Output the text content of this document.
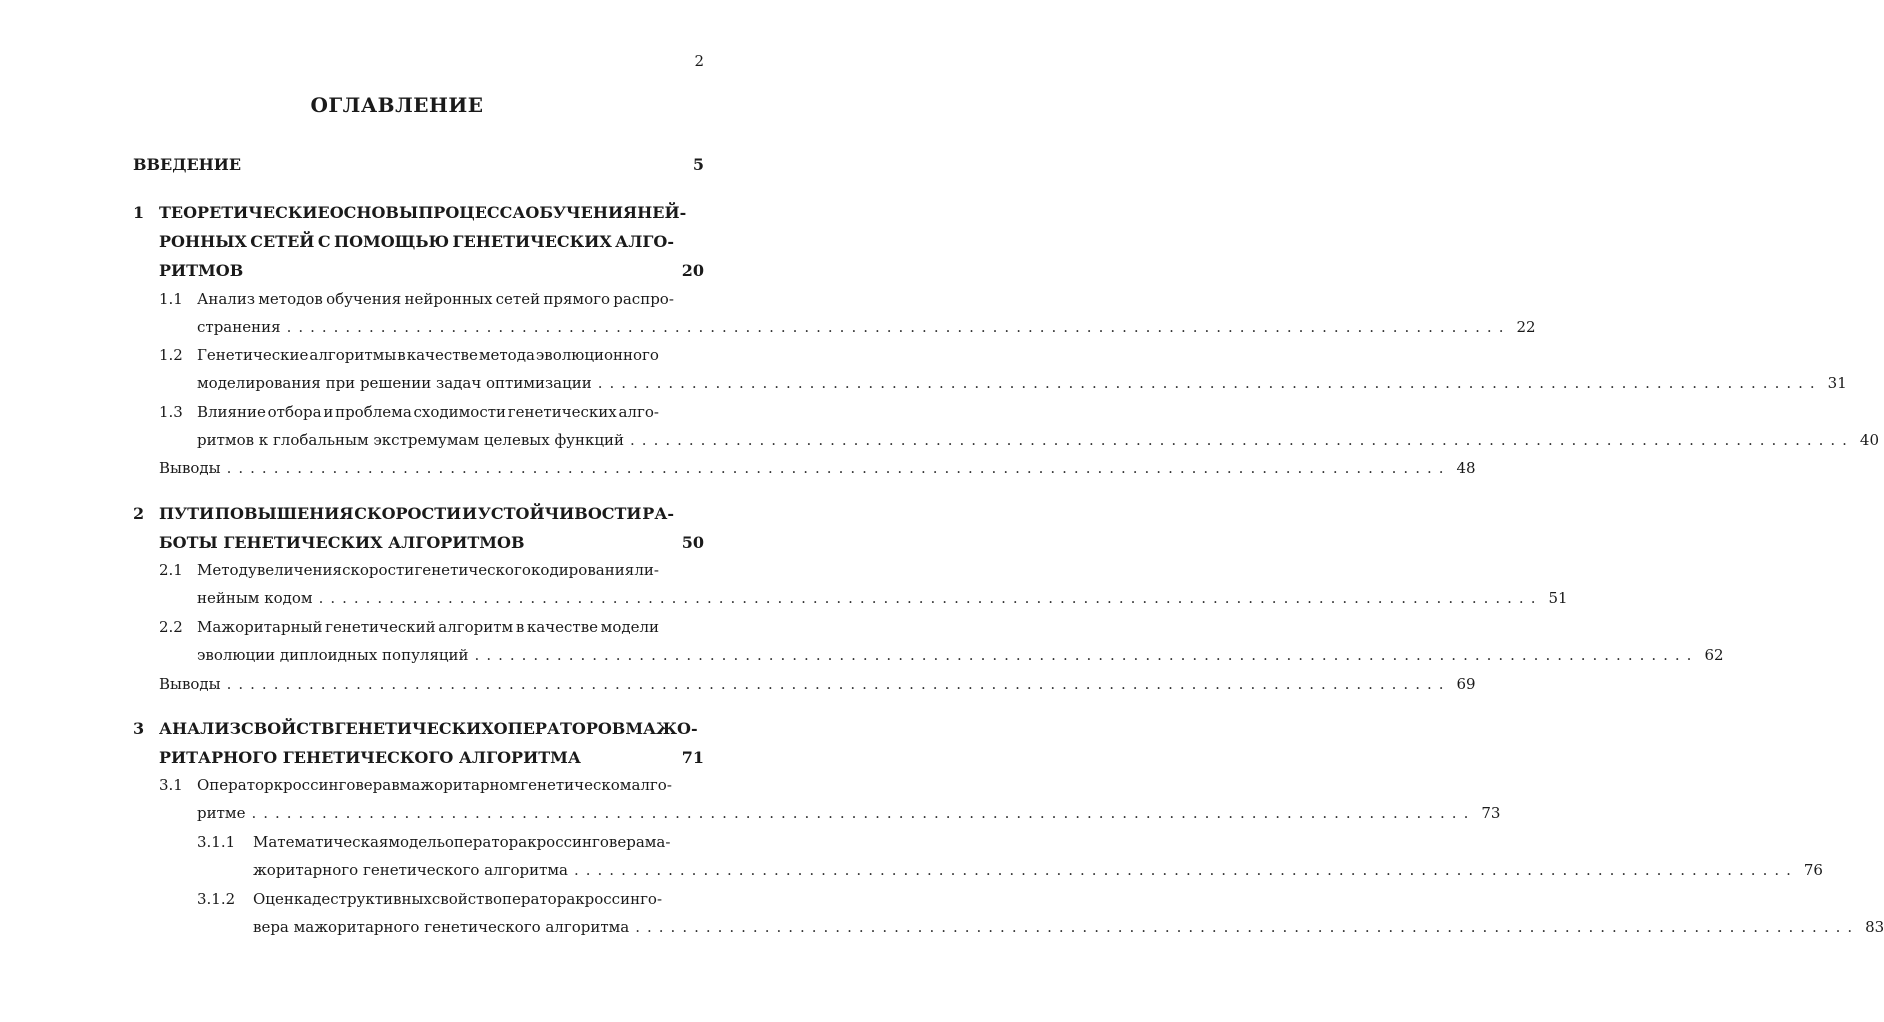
2
ОГЛАВЛЕНИЕ
ВВЕДЕНИЕ	5
1 ТЕОРЕТИЧЕСКИЕ ОСНОВЫ ПРОЦЕССА ОБУЧЕНИЯ НЕЙ-
РОННЫХ СЕТЕЙ С ПОМОЩЬЮ ГЕНЕТИЧЕСКИХ АЛГО-
РИТМОВ	20
1.1 Анализ методов обучения нейронных сетей прямого распро-
странения ........................................................................................................ 22
1.2 Генетические алгоритмы в качестве метода эволюционного
моделирования при решении задач оптимизации ........................................................................................................ 31
1.3 Влияние отбора и проблема сходимости генетических алго-
ритмов к глобальным экстремумам целевых функций ........................................................................................................ 40
Выводы ........................................................................................................ 48
2 ПУТИ ПОВЫШЕНИЯ СКОРОСТИ И УСТОЙЧИВОСТИ РА-
БОТЫ ГЕНЕТИЧЕСКИХ АЛГОРИТМОВ	50
2.1 Метод увеличения скорости генетического кодирования ли-
нейным кодом ........................................................................................................ 51
2.2 Мажоритарный генетический алгоритм в качестве модели
эволюции диплоидных популяций ........................................................................................................ 62
Выводы ........................................................................................................ 69
3 АНАЛИЗ СВОЙСТВ ГЕНЕТИЧЕСКИХ ОПЕРАТОРОВ МАЖО-
РИТАРНОГО ГЕНЕТИЧЕСКОГО АЛГОРИТМА	71
3.1 Оператор кроссинговера в мажоритарном генетическом алго-
ритме ........................................................................................................ 73
3.1.1 Математическая модель оператора кроссинговера ма-
жоритарного генетического алгоритма ........................................................................................................ 76
3.1.2 Оценка деструктивных свойств оператора кроссинго-
вера мажоритарного генетического алгоритма ........................................................................................................ 83
